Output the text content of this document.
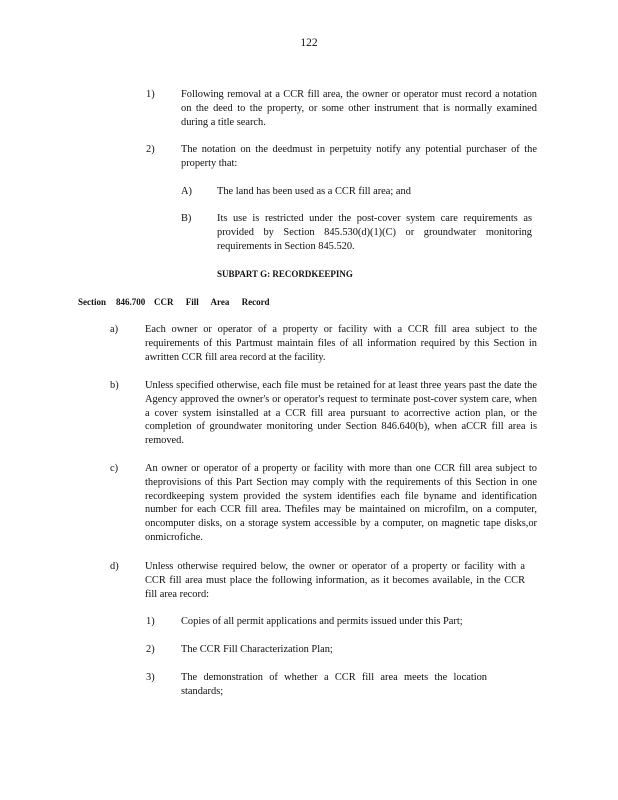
122
1)	Following removal at a CCR fill area, the owner or operator must record a notation on the deed to the property, or some other instrument that is normally examined during a title search.
2)	The notation on the deedmust in perpetuity notify any potential purchaser of the property that:
A) The land has been used as a CCR fill area; and
B) Its use is restricted under the post-cover system care requirements as provided by Section 845.530(d)(1)(C) or groundwater monitoring requirements in Section 845.520.
SUBPART G: RECORDKEEPING
Section 846.700 CCR Fill Area Record
a)	Each owner or operator of a property or facility with a CCR fill area subject to the requirements of this Partmust maintain files of all information required by this Section in awritten CCR fill area record at the facility.
b)	Unless specified otherwise, each file must be retained for at least three years past the date the Agency approved the owner's or operator's request to terminate post-cover system care, when a cover system isinstalled at a CCR fill area pursuant to acorrective action plan, or the completion of groundwater monitoring under Section 846.640(b), when aCCR fill area is removed.
c)	An owner or operator of a property or facility with more than one CCR fill area subject to theprovisions of this Part Section may comply with the requirements of this Section in one recordkeeping system provided the system identifies each file byname and identification number for each CCR fill area. Thefiles may be maintained on microfilm, on a computer, oncomputer disks, on a storage system accessible by a computer, on magnetic tape disks,or onmicrofiche.
d)	Unless otherwise required below, the owner or operator of a property or facility with a CCR fill area must place the following information, as it becomes available, in the CCR fill area record:
1)	Copies of all permit applications and permits issued under this Part;
2)	The CCR Fill Characterization Plan;
3)	The demonstration of whether a CCR fill area meets the location standards;
